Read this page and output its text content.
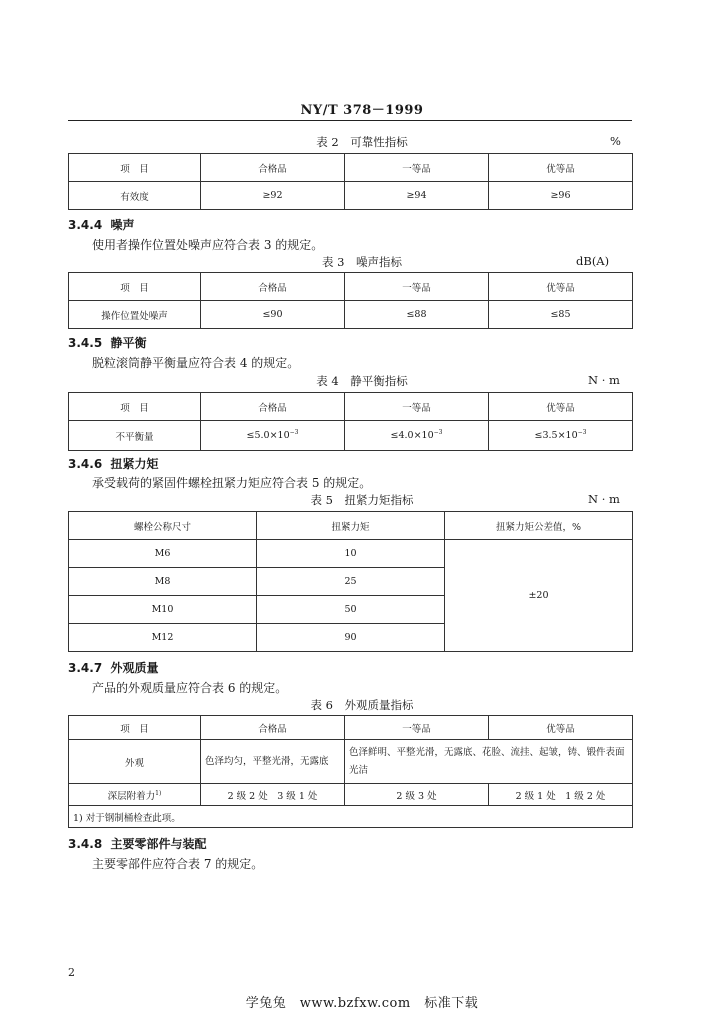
NY/T 378－1999
表 2　可靠性指标	%
项　目	合格品	一等品	优等品
有效度	≥92	≥94	≥96
3.4.4 噪声
使用者操作位置处噪声应符合表 3 的规定。
表 3　噪声指标	dB(A)
项　目	合格品	一等品	优等品
操作位置处噪声	≤90	≤88	≤85
3.4.5 静平衡
脱粒滚筒静平衡量应符合表 4 的规定。
表 4　静平衡指标	N · m
项　目	合格品	一等品	优等品
不平衡量	$\le 5.0\times 10^{-3}$	$\le 4.0\times 10^{-3}$	$\le 3.5\times 10^{-3}$
3.4.6 扭紧力矩
承受载荷的紧固件螺栓扭紧力矩应符合表 5 的规定。
表 5　扭紧力矩指标	N · m
螺栓公称尺寸	扭紧力矩	扭紧力矩公差值，%
M6	10	±20
M8	25	
M10	50	
M12	90	
3.4.7 外观质量
产品的外观质量应符合表 6 的规定。
表 6　外观质量指标
项　目	合格品	一等品	优等品
外观	色泽均匀，平整光滑，无露底	色泽鲜明、平整光滑，无露底、花脸、流挂、起皱，铸、锻件表面光洁	
深层附着力$^{1)}$	2 级 2 处　3 级 1 处	2 级 3 处	2 级 1 处　1 级 2 处
1) 对于钢制桶检查此项。			
3.4.8 主要零部件与装配
主要零部件应符合表 7 的规定。
2
学兔兔　www.bzfxw.com　标准下载
